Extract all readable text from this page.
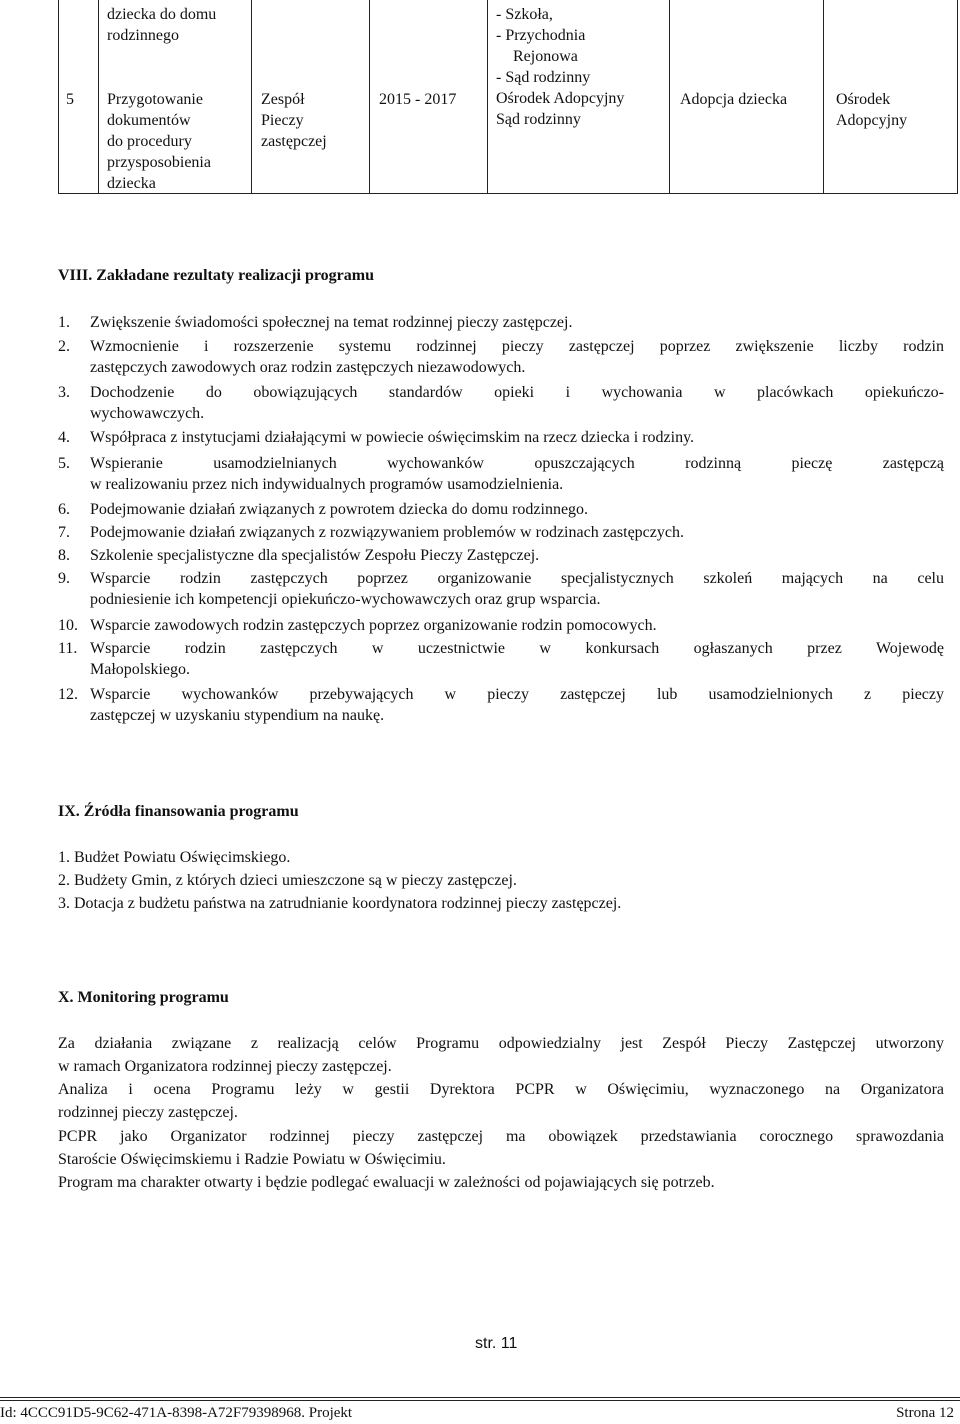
dziecka do domu
rodzinnego
5 Przygotowanie
dokumentów
do procedury
przysposobienia
dziecka
Zespół
Pieczy
zastępczej
2015 - 2017
- Szkoła,
- Przychodnia
Rejonowa
- Sąd rodzinny
Ośrodek Adopcyjny
Sąd rodzinny
Adopcja dziecka	Ośrodek
Adopcyjny
VIII. Zakładane rezultaty realizacji programu
1. Zwiększenie świadomości społecznej na temat rodzinnej pieczy zastępczej.
2. Wzmocnienie i rozszerzenie systemu rodzinnej pieczy zastępczej poprzez zwiększenie liczby rodzin
zastępczych zawodowych oraz rodzin zastępczych niezawodowych.
3. Dochodzenie do obowiązujących standardów opieki i wychowania w placówkach opiekuńczo-
wychowawczych.
4. Współpraca z instytucjami działającymi w powiecie oświęcimskim na rzecz dziecka i rodziny.
5. Wspieranie usamodzielnianych wychowanków opuszczających rodzinną pieczę zastępczą
w realizowaniu przez nich indywidualnych programów usamodzielnienia.
6. Podejmowanie działań związanych z powrotem dziecka do domu rodzinnego.
7. Podejmowanie działań związanych z rozwiązywaniem problemów w rodzinach zastępczych.
8. Szkolenie specjalistyczne dla specjalistów Zespołu Pieczy Zastępczej.
9. Wsparcie rodzin zastępczych poprzez organizowanie specjalistycznych szkoleń mających na celu
podniesienie ich kompetencji opiekuńczo-wychowawczych oraz grup wsparcia.
10. Wsparcie zawodowych rodzin zastępczych poprzez organizowanie rodzin pomocowych.
11. Wsparcie rodzin zastępczych w uczestnictwie w konkursach ogłaszanych przez Wojewodę
Małopolskiego.
12. Wsparcie wychowanków przebywających w pieczy zastępczej lub usamodzielnionych z pieczy
zastępczej w uzyskaniu stypendium na naukę.
IX. Źródła finansowania programu
1. Budżet Powiatu Oświęcimskiego.
2. Budżety Gmin, z których dzieci umieszczone są w pieczy zastępczej.
3. Dotacja z budżetu państwa na zatrudnianie koordynatora rodzinnej pieczy zastępczej.
X. Monitoring programu
Za działania związane z realizacją celów Programu odpowiedzialny jest Zespół Pieczy Zastępczej utworzony
w ramach Organizatora rodzinnej pieczy zastępczej.
Analiza i ocena Programu leży w gestii Dyrektora PCPR w Oświęcimiu, wyznaczonego na Organizatora
rodzinnej pieczy zastępczej.
PCPR jako Organizator rodzinnej pieczy zastępczej ma obowiązek przedstawiania corocznego sprawozdania
Staroście Oświęcimskiemu i Radzie Powiatu w Oświęcimiu.
Program ma charakter otwarty i będzie podlegać ewaluacji w zależności od pojawiających się potrzeb.
str. 11
Id: 4CCC91D5-9C62-471A-8398-A72F79398968. Projekt	Strona 12
